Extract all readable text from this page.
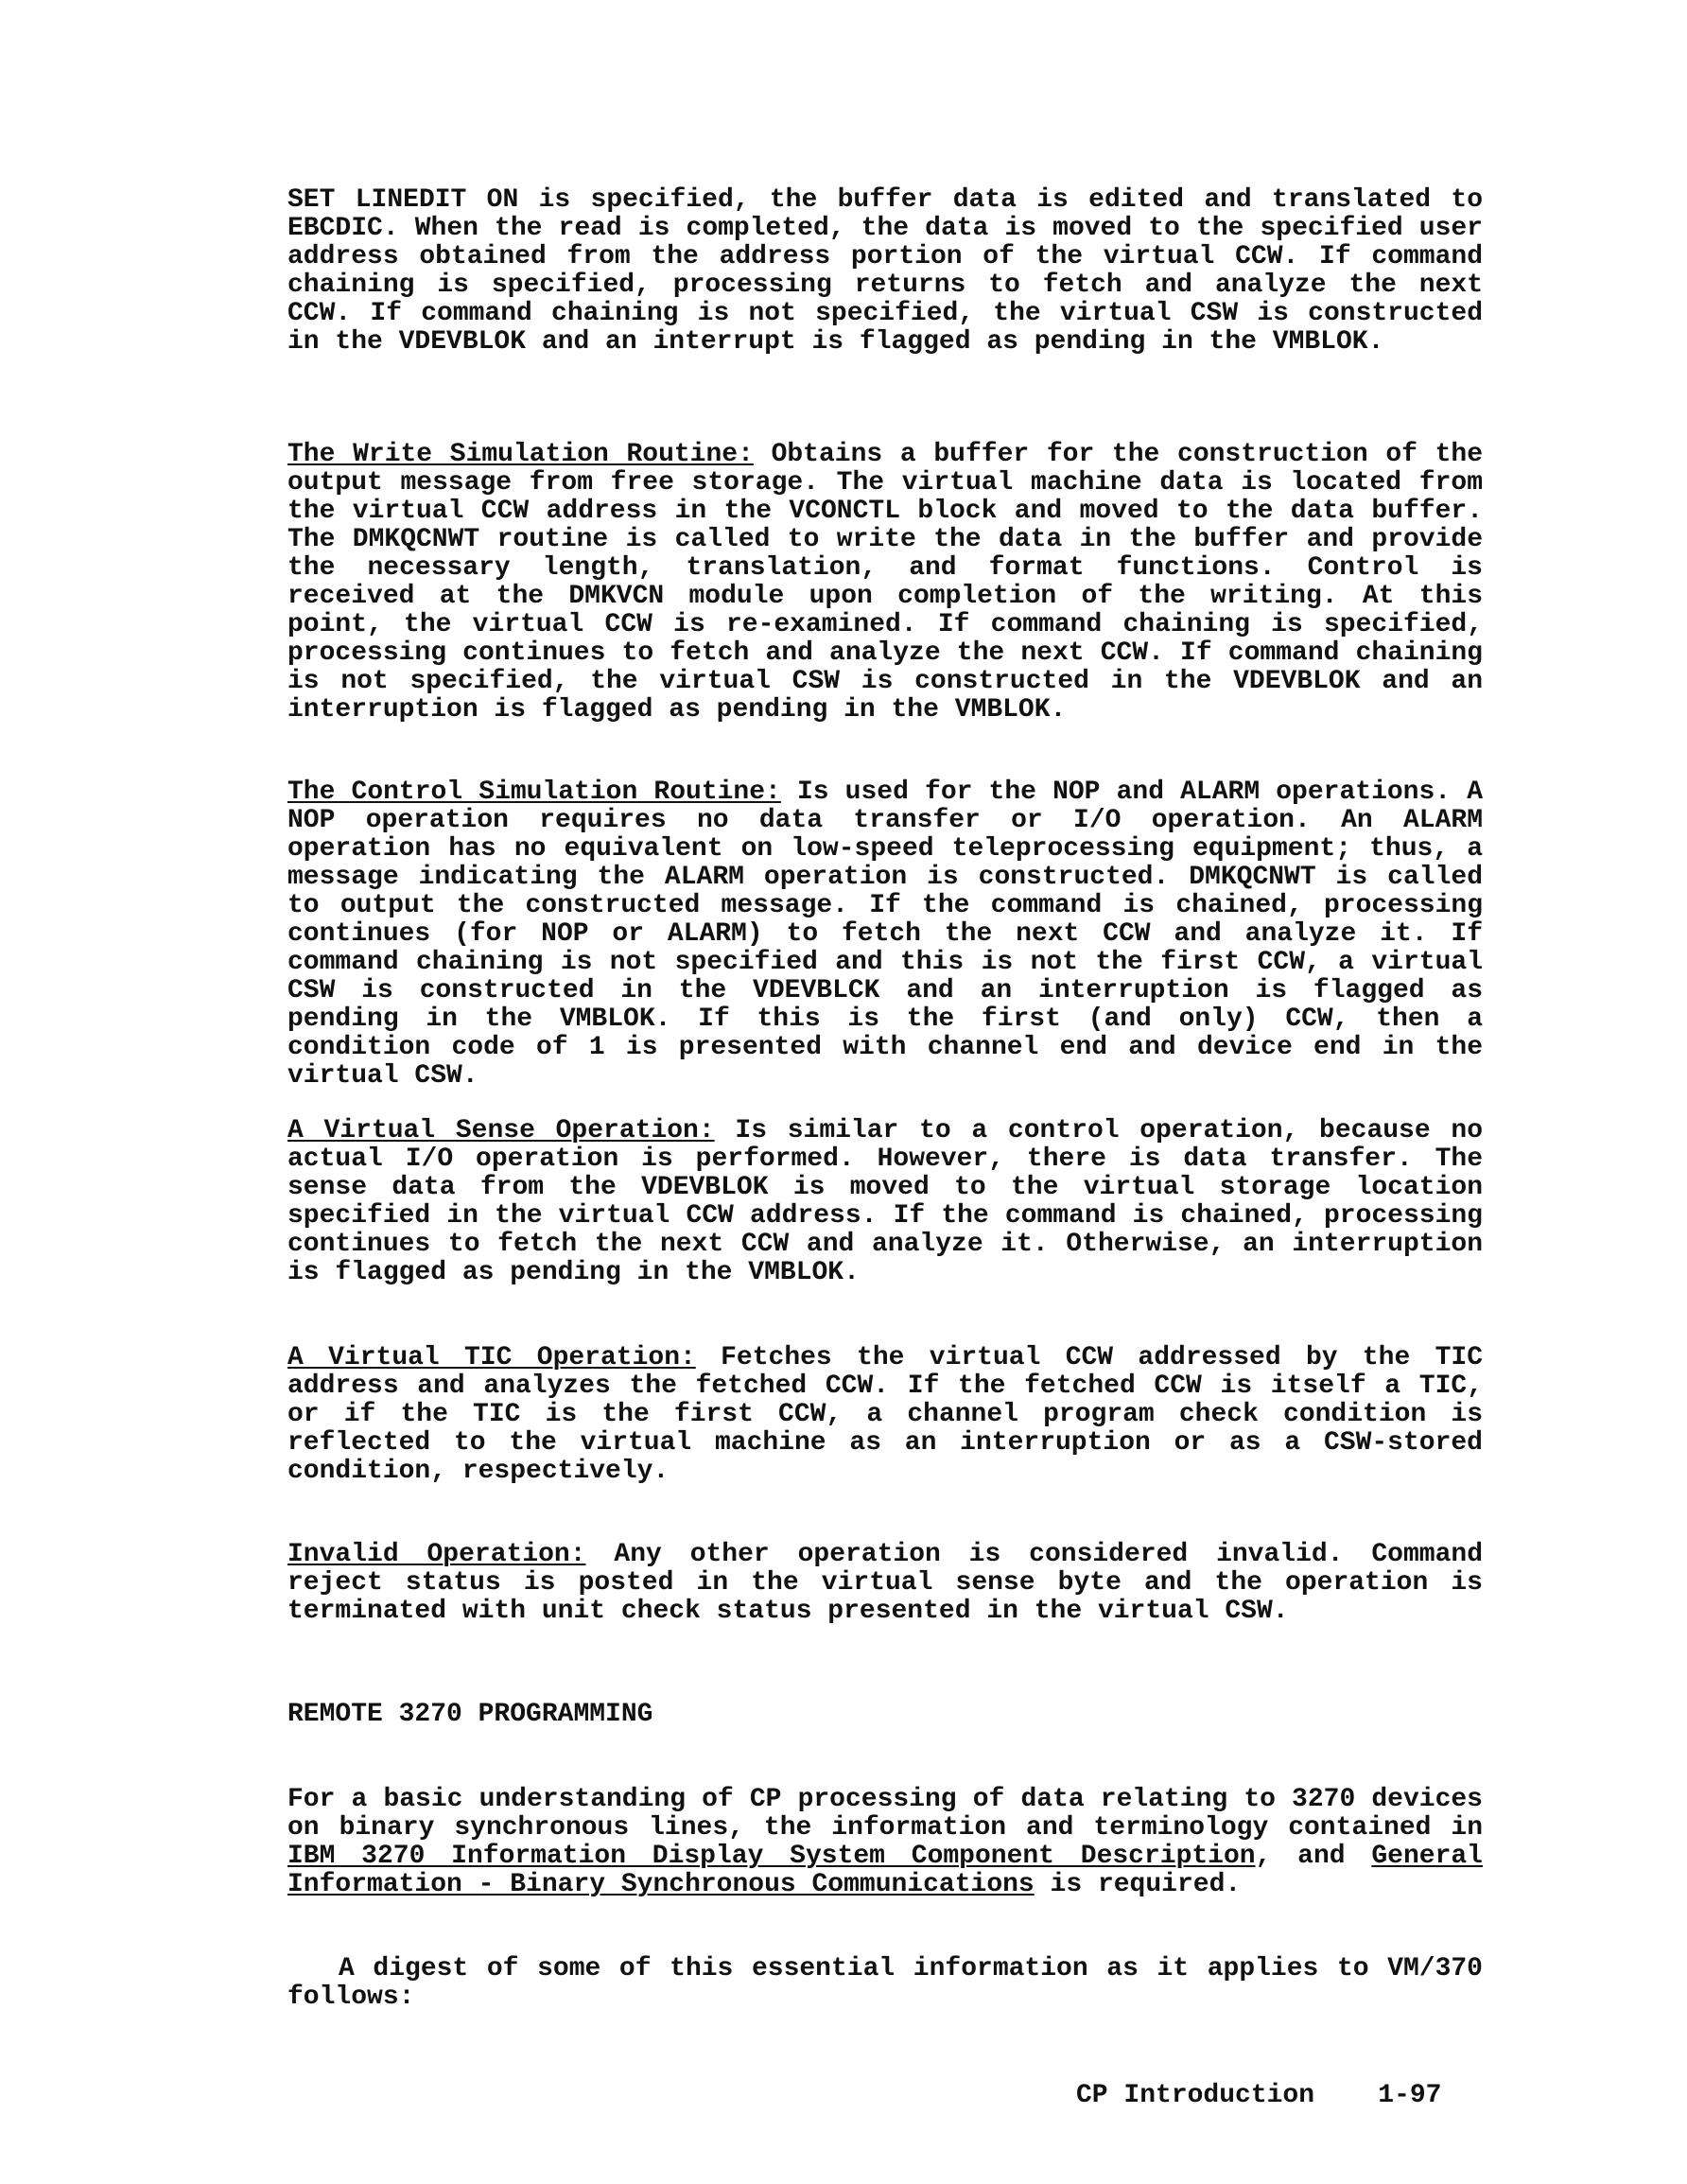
SET LINEDIT ON is specified, the buffer data is edited and translated to EBCDIC. When the read is completed, the data is moved to the specified user address obtained from the address portion of the virtual CCW. If command chaining is specified, processing returns to fetch and analyze the next CCW. If command chaining is not specified, the virtual CSW is constructed in the VDEVBLOK and an interrupt is flagged as pending in the VMBLOK.

The Write Simulation Routine: Obtains a buffer for the construction of the output message from free storage. The virtual machine data is located from the virtual CCW address in the VCONCTL block and moved to the data buffer. The DMKQCNWT routine is called to write the data in the buffer and provide the necessary length, translation, and format functions. Control is received at the DMKVCN module upon completion of the writing. At this point, the virtual CCW is re-examined. If command chaining is specified, processing continues to fetch and analyze the next CCW. If command chaining is not specified, the virtual CSW is constructed in the VDEVBLOK and an interruption is flagged as pending in the VMBLOK.

The Control Simulation Routine: Is used for the NOP and ALARM operations. A NOP operation requires no data transfer or I/O operation. An ALARM operation has no equivalent on low-speed teleprocessing equipment; thus, a message indicating the ALARM operation is constructed. DMKQCNWT is called to output the constructed message. If the command is chained, processing continues (for NOP or ALARM) to fetch the next CCW and analyze it. If command chaining is not specified and this is not the first CCW, a virtual CSW is constructed in the VDEVBLCK and an interruption is flagged as pending in the VMBLOK. If this is the first (and only) CCW, then a condition code of 1 is presented with channel end and device end in the virtual CSW.

A Virtual Sense Operation: Is similar to a control operation, because no actual I/O operation is performed. However, there is data transfer. The sense data from the VDEVBLOK is moved to the virtual storage location specified in the virtual CCW address. If the command is chained, processing continues to fetch the next CCW and analyze it. Otherwise, an interruption is flagged as pending in the VMBLOK.

A Virtual TIC Operation: Fetches the virtual CCW addressed by the TIC address and analyzes the fetched CCW. If the fetched CCW is itself a TIC, or if the TIC is the first CCW, a channel program check condition is reflected to the virtual machine as an interruption or as a CSW-stored condition, respectively.

Invalid Operation: Any other operation is considered invalid. Command reject status is posted in the virtual sense byte and the operation is terminated with unit check status presented in the virtual CSW.

REMOTE 3270 PROGRAMMING

For a basic understanding of CP processing of data relating to 3270 devices on binary synchronous lines, the information and terminology contained in IBM 3270 Information Display System Component Description, and General Information - Binary Synchronous Communications is required.

A digest of some of this essential information as it applies to VM/370 follows:

CP Introduction 1-97
